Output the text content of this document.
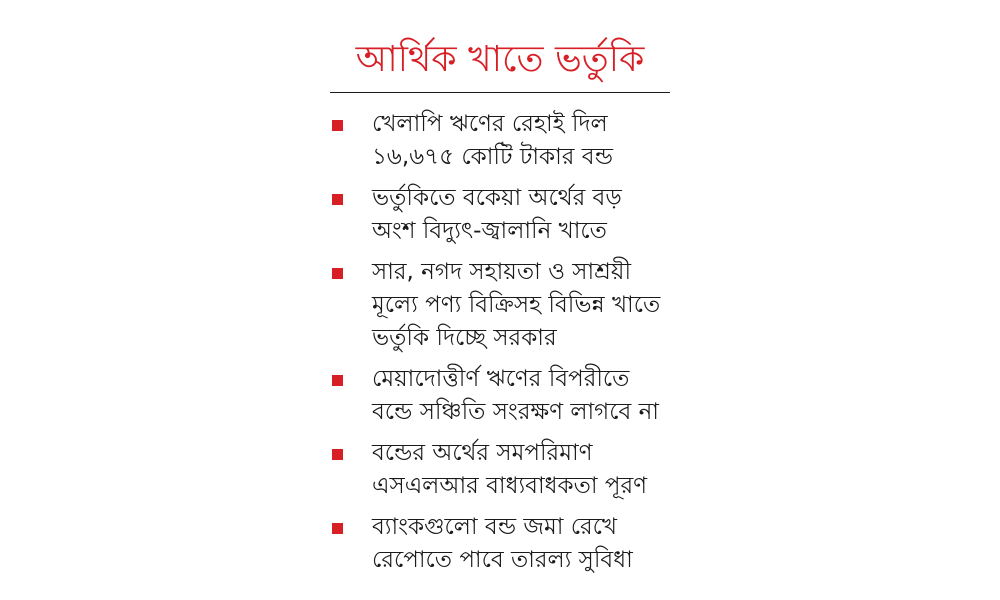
আর্থিক খাতে ভর্তুকি
খেলাপি ঋণের রেহাই দিল
১৬,৬৭৫ কোটি টাকার বন্ড
ভর্তুকিতে বকেয়া অর্থের বড়
অংশ বিদ্যুৎ-জ্বালানি খাতে
সার, নগদ সহায়তা ও সাশ্রয়ী
মূল্যে পণ্য বিক্রিসহ বিভিন্ন খাতে
ভর্তুকি দিচ্ছে সরকার
মেয়াদোত্তীর্ণ ঋণের বিপরীতে
বন্ডে সঞ্চিতি সংরক্ষণ লাগবে না
বন্ডের অর্থের সমপরিমাণ
এসএলআর বাধ্যবাধকতা পূরণ
ব্যাংকগুলো বন্ড জমা রেখে
রেপোতে পাবে তারল্য সুবিধা
